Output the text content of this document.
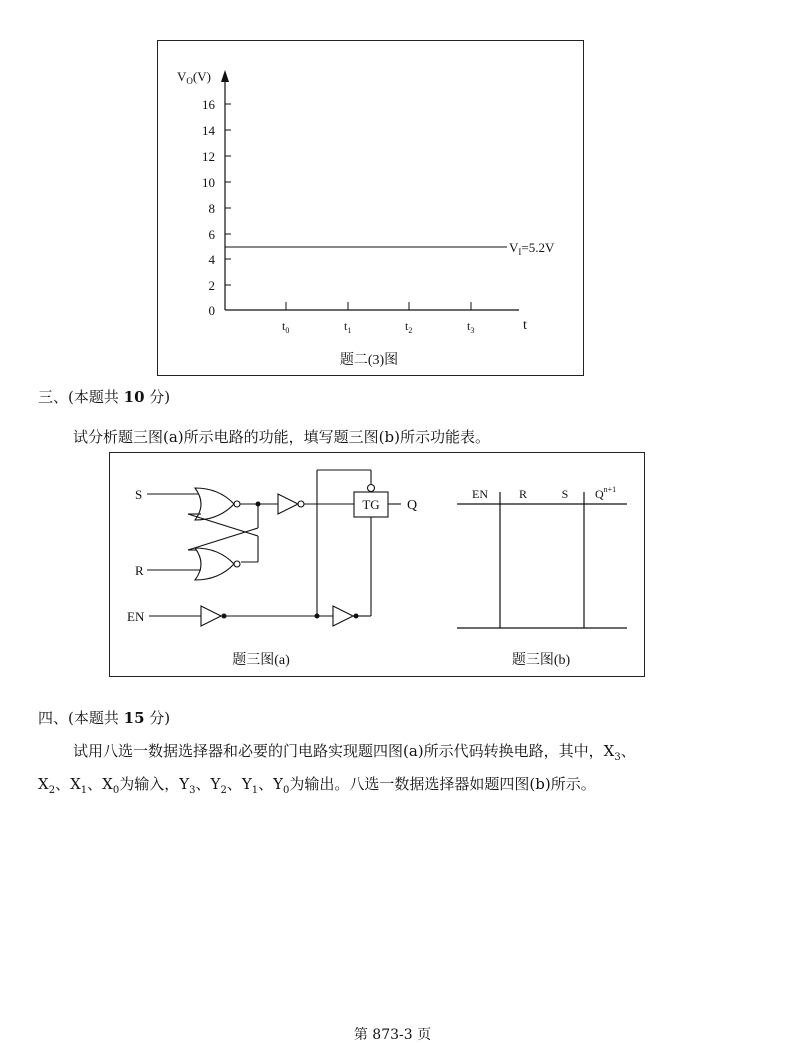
$V_O(V)$
16
14
12
10
8
6
4
2
0
$t_0$	$t_1$	$t_2$	$t_3$	t
$V_I=5.2V$
题二(3)图
三、(本题共 10 分)
试分析题三图(a)所示电路的功能，填写题三图(b)所示功能表。
S
R
EN
TG Q
EN	R	S $Q^{n+1}$
题三图(a)	题三图(b)
四、(本题共 15 分)
试用八选一数据选择器和必要的门电路实现题四图(a)所示代码转换电路，其中，$X_3$、
$X_2$、$X_1$、$X_0$为输入，$Y_3$、$Y_2$、$Y_1$、$Y_0$为输出。八选一数据选择器如题四图(b)所示。
第 873-3 页
